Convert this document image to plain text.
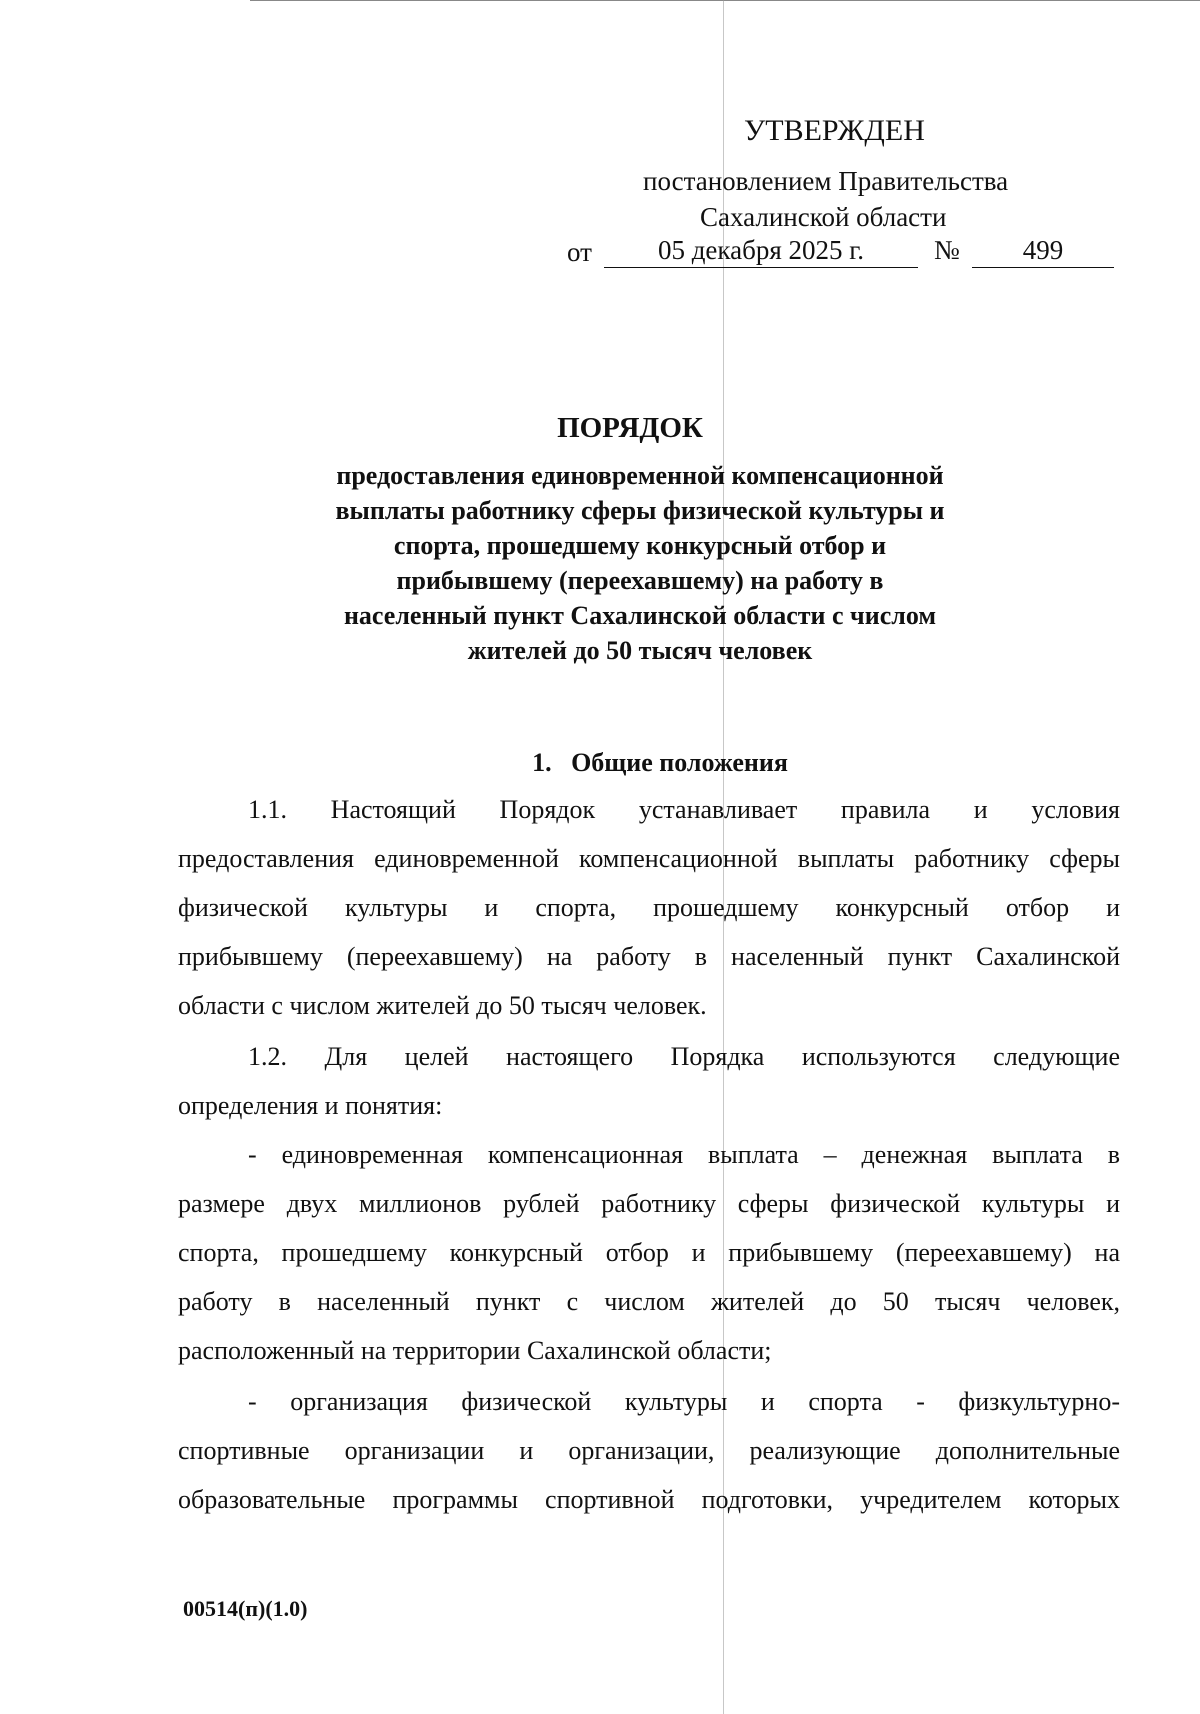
УТВЕРЖДЕН
постановлением Правительства
Сахалинской области
от	05 декабря 2025 г.	№	499
ПОРЯДОК
предоставления единовременной компенсационной
выплаты работнику сферы физической культуры и
спорта, прошедшему конкурсный отбор и
прибывшему (переехавшему) на работу в
населенный пункт Сахалинской области с числом
жителей до 50 тысяч человек
1.   Общие положения
1.1. Настоящий Порядок устанавливает правила и условия
предоставления единовременной компенсационной выплаты работнику сферы
физической культуры и спорта, прошедшему конкурсный отбор и
прибывшему (переехавшему) на работу в населенный пункт Сахалинской
области с числом жителей до 50 тысяч человек.
1.2. Для целей настоящего Порядка используются следующие
определения и понятия:
- единовременная компенсационная выплата – денежная выплата в
размере двух миллионов рублей работнику сферы физической культуры и
спорта, прошедшему конкурсный отбор и прибывшему (переехавшему) на
работу в населенный пункт с числом жителей до 50 тысяч человек,
расположенный на территории Сахалинской области;
- организация физической культуры и спорта - физкультурно-
спортивные организации и организации, реализующие дополнительные
образовательные программы спортивной подготовки, учредителем которых
00514(п)(1.0)
